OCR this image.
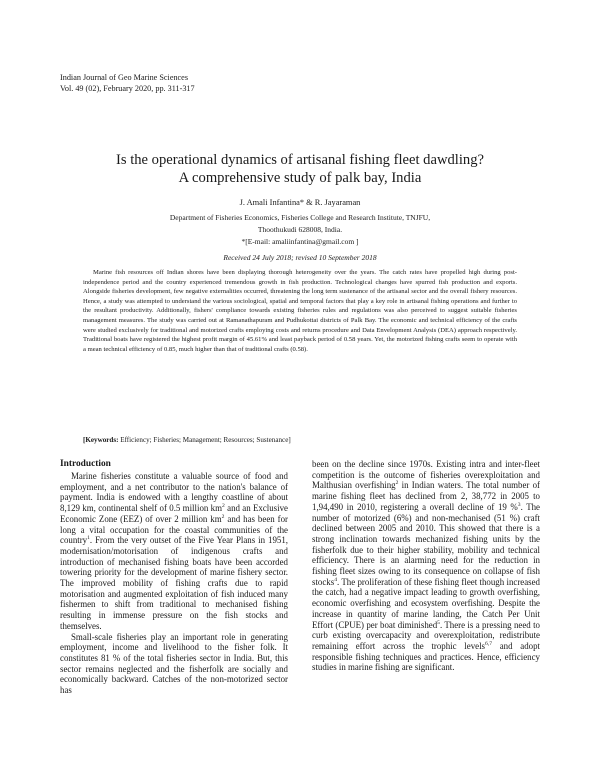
Indian Journal of Geo Marine Sciences
Vol. 49 (02), February 2020, pp. 311-317
Is the operational dynamics of artisanal fishing fleet dawdling?
A comprehensive study of palk bay, India
J. Amali Infantina* & R. Jayaraman
Department of Fisheries Economics, Fisheries College and Research Institute, TNJFU,
Thoothukudi 628008, India.
*[E-mail: amaliinfantina@gmail.com ]
Received 24 July 2018; revised 10 September 2018

Marine fish resources off Indian shores have been displaying thorough heterogeneity over the years. The catch rates have propelled high during post-independence period and the country experienced tremendous growth in fish production. Technological changes have spurred fish production and exports. Alongside fisheries development, few negative externalities occurred, threatening the long term sustenance of the artisanal sector and the overall fishery resources. Hence, a study was attempted to understand the various sociological, spatial and temporal factors that play a key role in artisanal fishing operations and further to the resultant productivity. Additionally, fishers' compliance towards existing fisheries rules and regulations was also perceived to suggest suitable fisheries management measures. The study was carried out at Ramanathapuram and Pudhukottai districts of Palk Bay. The economic and technical efficiency of the crafts were studied exclusively for traditional and motorized crafts employing costs and returns procedure and Data Envelopment Analysis (DEA) approach respectively. Traditional boats have registered the highest profit margin of 45.61% and least payback period of 0.58 years. Yet, the motorized fishing crafts seem to operate with a mean technical efficiency of 0.85, much higher than that of traditional crafts (0.58).

[Keywords: Efficiency; Fisheries; Management; Resources; Sustenance]
Introduction

Marine fisheries constitute a valuable source of food and employment, and a net contributor to the nation's balance of payment. India is endowed with a lengthy coastline of about 8,129 km, continental shelf of 0.5 million $km^2$ and an Exclusive Economic Zone (EEZ) of over 2 million $km^2$ and has been for long a vital occupation for the coastal communities of the country$^1$. From the very outset of the Five Year Plans in 1951, modernisation/motorisation of indigenous crafts and introduction of mechanised fishing boats have been accorded towering priority for the development of marine fishery sector. The improved mobility of fishing crafts due to rapid motorisation and augmented exploitation of fish induced many fishermen to shift from traditional to mechanised fishing resulting in immense pressure on the fish stocks and themselves.

Small-scale fisheries play an important role in generating employment, income and livelihood to the fisher folk. It constitutes 81 % of the total fisheries sector in India. But, this sector remains neglected and the fisherfolk are socially and economically backward. Catches of the non-motorized sector has

been on the decline since 1970s. Existing intra and inter-fleet competition is the outcome of fisheries overexploitation and Malthusian overfishing$^2$ in Indian waters. The total number of marine fishing fleet has declined from 2, 38,772 in 2005 to 1,94,490 in 2010, registering a overall decline of 19 %$^3$. The number of motorized (6%) and non-mechanised (51 %) craft declined between 2005 and 2010. This showed that there is a strong inclination towards mechanized fishing units by the fisherfolk due to their higher stability, mobility and technical efficiency. There is an alarming need for the reduction in fishing fleet sizes owing to its consequence on collapse of fish stocks$^4$. The proliferation of these fishing fleet though increased the catch, had a negative impact leading to growth overfishing, economic overfishing and ecosystem overfishing. Despite the increase in quantity of marine landing, the Catch Per Unit Effort (CPUE) per boat diminished$^5$. There is a pressing need to curb existing overcapacity and overexploitation, redistribute remaining effort across the trophic levels$^{6,7}$ and adopt responsible fishing techniques and practices. Hence, efficiency studies in marine fishing are significant.
